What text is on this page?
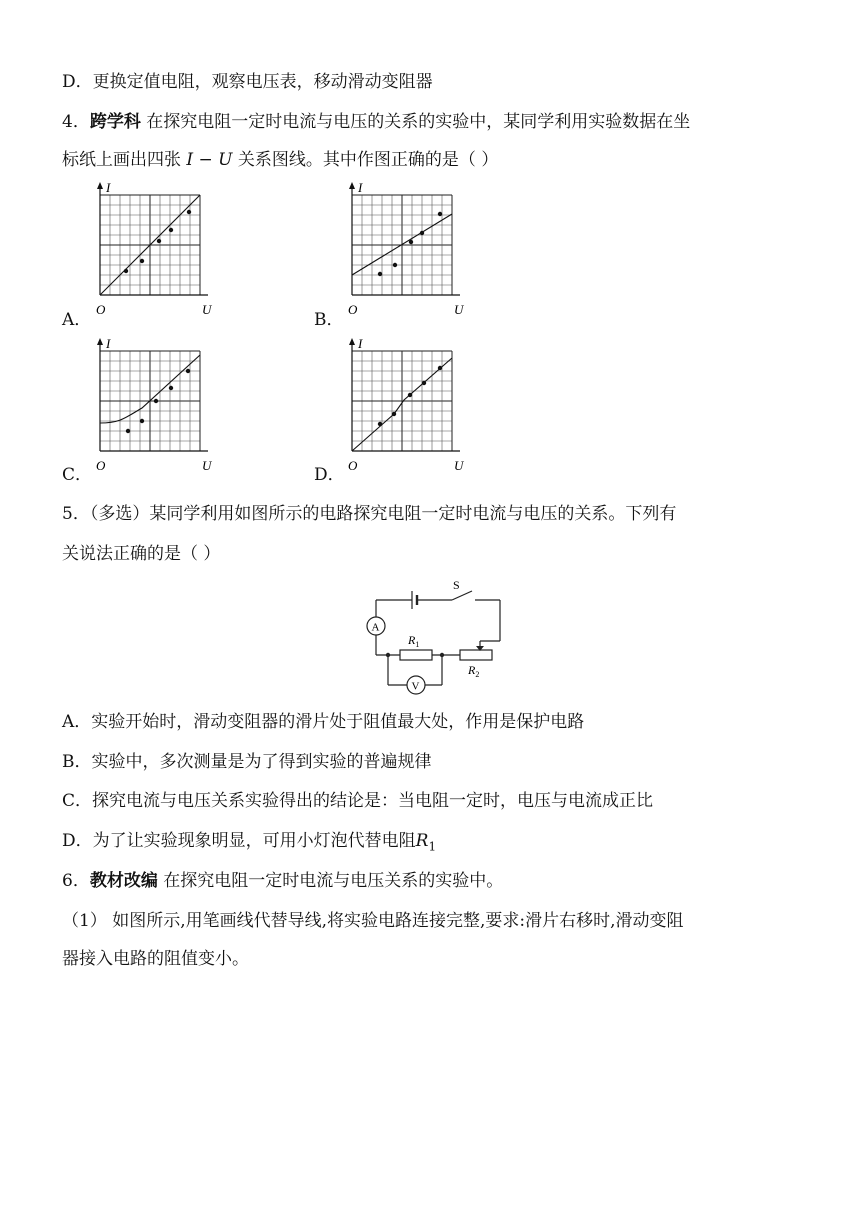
D．更换定值电阻，观察电压表，移动滑动变阻器
4．跨学科 在探究电阻一定时电流与电压的关系的实验中，某同学利用实验数据在坐
标纸上画出四张 I − U 关系图线。其中作图正确的是（ ）
A．	B．
C．	D．
I
U
O
I
U
O
I
U
O
I
U
O
5．（多选）某同学利用如图所示的电路探究电阻一定时电流与电压的关系。下列有
关说法正确的是（ ）
S
A
V
$R_1$
$R_2$
A．实验开始时，滑动变阻器的滑片处于阻值最大处，作用是保护电路
B．实验中，多次测量是为了得到实验的普遍规律
C．探究电流与电压关系实验得出的结论是：当电阻一定时，电压与电流成正比
D．为了让实验现象明显，可用小灯泡代替电阻$R_1$
6．教材改编 在探究电阻一定时电流与电压关系的实验中。
（1） 如图所示,用笔画线代替导线,将实验电路连接完整,要求:滑片右移时,滑动变阻
器接入电路的阻值变小。
